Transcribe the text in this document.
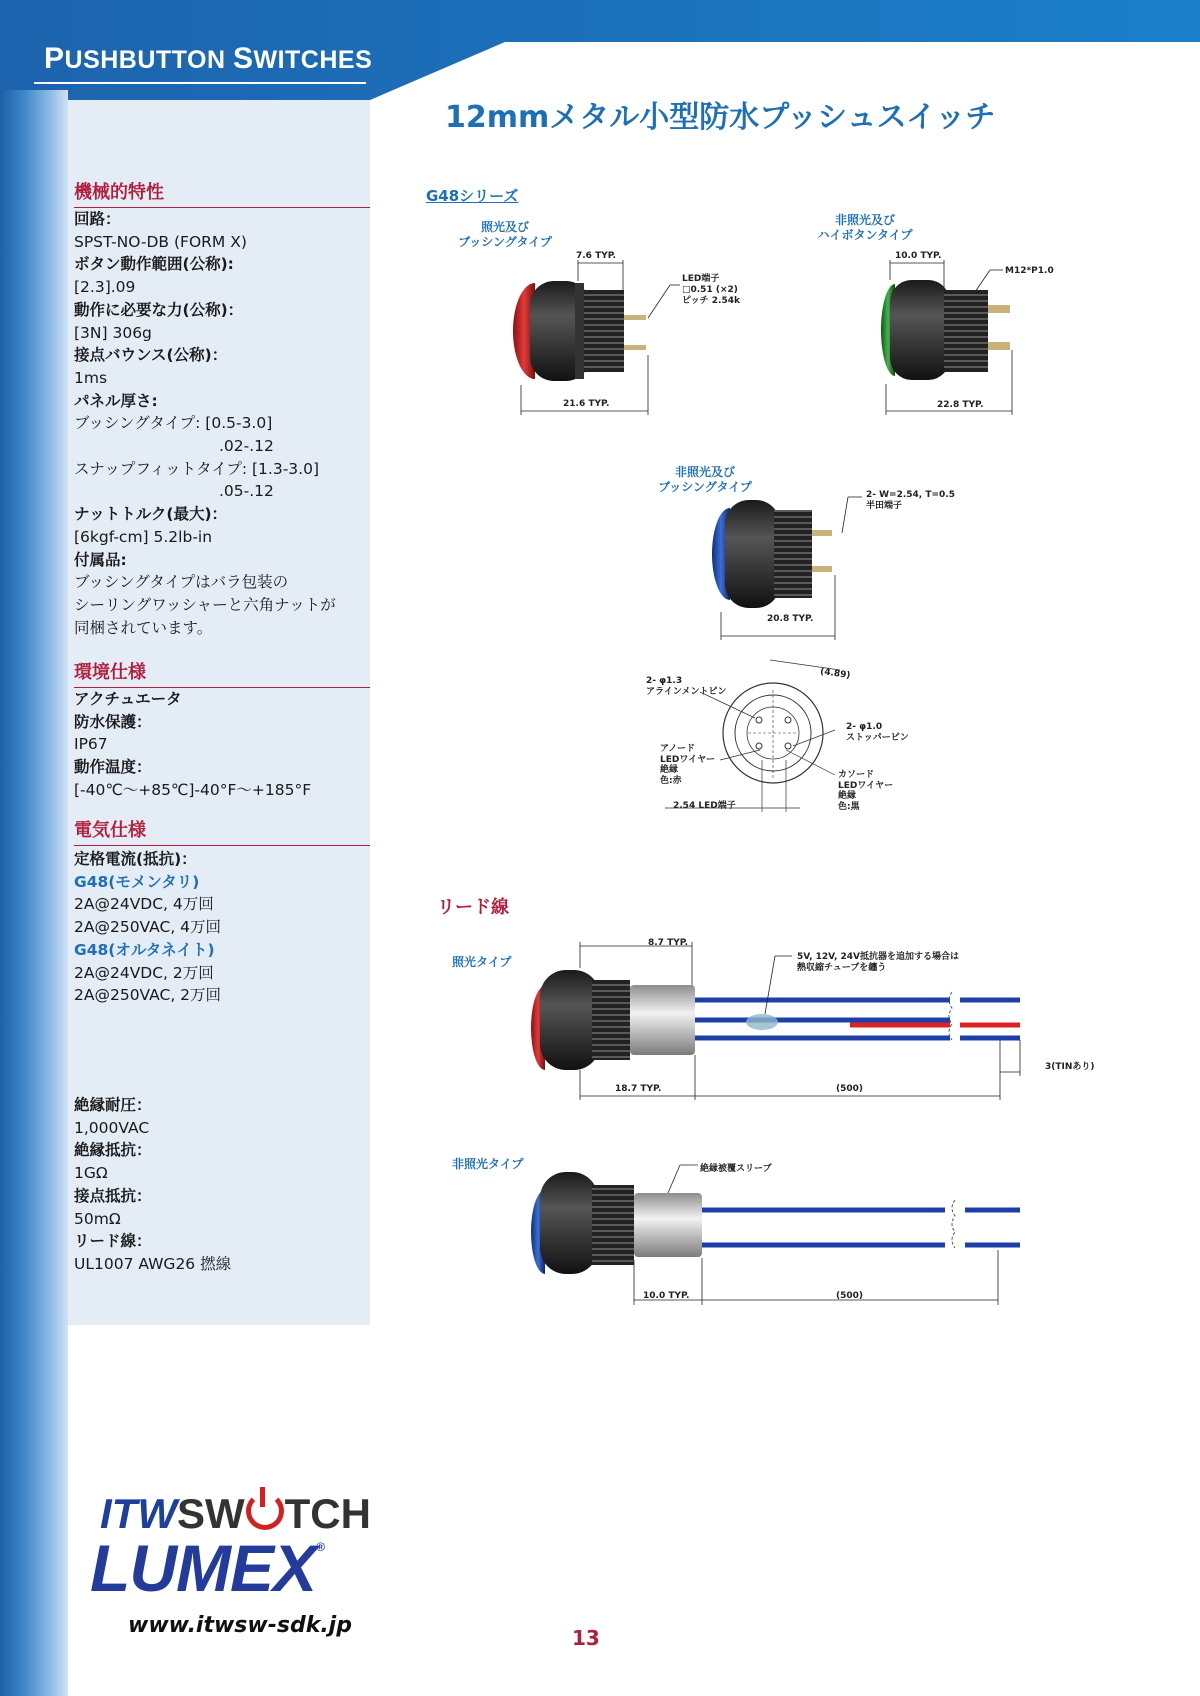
PUSHBUTTON SWITCHES
12mmメタル小型防水プッシュスイッチ
機械的特性
回路：
SPST-NO-DB (FORM X)
ボタン動作範囲(公称):
[2.3].09
動作に必要な力(公称)：
[3N] 306g
接点バウンス(公称)：
1ms
パネル厚さ:
ブッシングタイプ: [0.5-3.0]
.02-.12
スナップフィットタイプ: [1.3-3.0]
.05-.12
ナットトルク(最大)：
[6kgf-cm] 5.2lb-in
付属品:
ブッシングタイプはバラ包装の
シーリングワッシャーと六角ナットが
同梱されています。
環境仕様
アクチュエータ
防水保護：
IP67
動作温度：
[-40℃～+85℃]-40°F～+185°F
電気仕様
定格電流(抵抗)：
G48(モメンタリ)
2A@24VDC, 4万回
2A@250VAC, 4万回
G48(オルタネイト)
2A@24VDC, 2万回
2A@250VAC, 2万回
絶縁耐圧：
1,000VAC
絶縁抵抗：
1GΩ
接点抵抗：
50mΩ
リード線：
UL1007 AWG26 撚線
G48シリーズ
照光及び
ブッシングタイプ
非照光及び
ハイボタンタイプ
非照光及び
ブッシングタイプ
7.6 TYP.
21.6 TYP.
LED端子
□0.51 (×2)
ピッチ 2.54k
10.0 TYP.
22.8 TYP.
M12*P1.0
20.8 TYP.
2- W=2.54, T=0.5
半田端子
2- φ1.3
アラインメントピン
(4.89)
2- φ1.0
ストッパーピン
アノード
LEDワイヤー
絶縁
色:赤
カソード
LEDワイヤー
絶縁
色:黒
2.54 LED端子
リード線
照光タイプ
8.7 TYP.
5V, 12V, 24V抵抗器を追加する場合は
熱収縮チューブを纏う
18.7 TYP.	(500)
3(TINあり)
非照光タイプ	絶縁被覆スリーブ
10.0 TYP.	(500)
ITWSW TCH
LUMEX®
www.itwsw-sdk.jp	13
